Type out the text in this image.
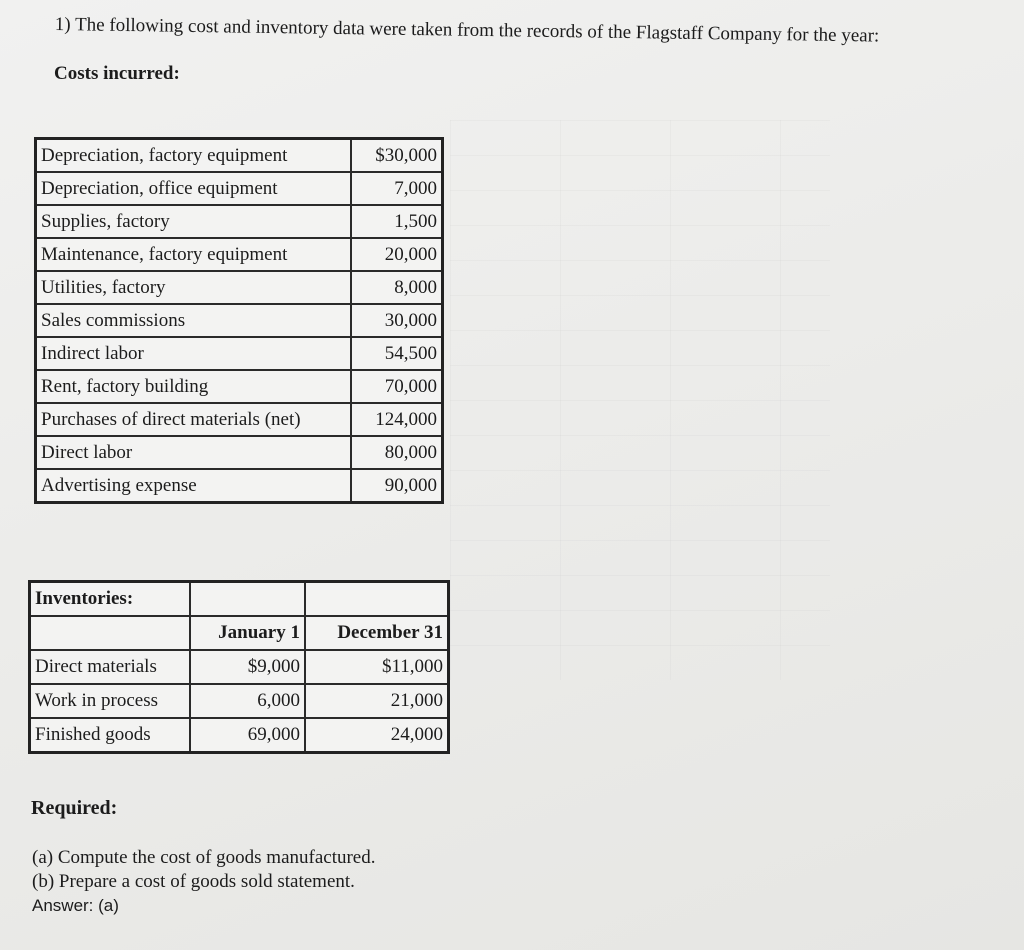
1) The following cost and inventory data were taken from the records of the Flagstaff Company for the year:
Costs incurred:
Depreciation, factory equipment	$30,000
Depreciation, office equipment	7,000
Supplies, factory	1,500
Maintenance, factory equipment	20,000
Utilities, factory	8,000
Sales commissions	30,000
Indirect labor	54,500
Rent, factory building	70,000
Purchases of direct materials (net)	124,000
Direct labor	80,000
Advertising expense	90,000
Inventories:		
	January 1	December 31
Direct materials	$9,000	$11,000
Work in process	6,000	21,000
Finished goods	69,000	24,000
Required:
(a) Compute the cost of goods manufactured.
(b) Prepare a cost of goods sold statement.
Answer: (a)
